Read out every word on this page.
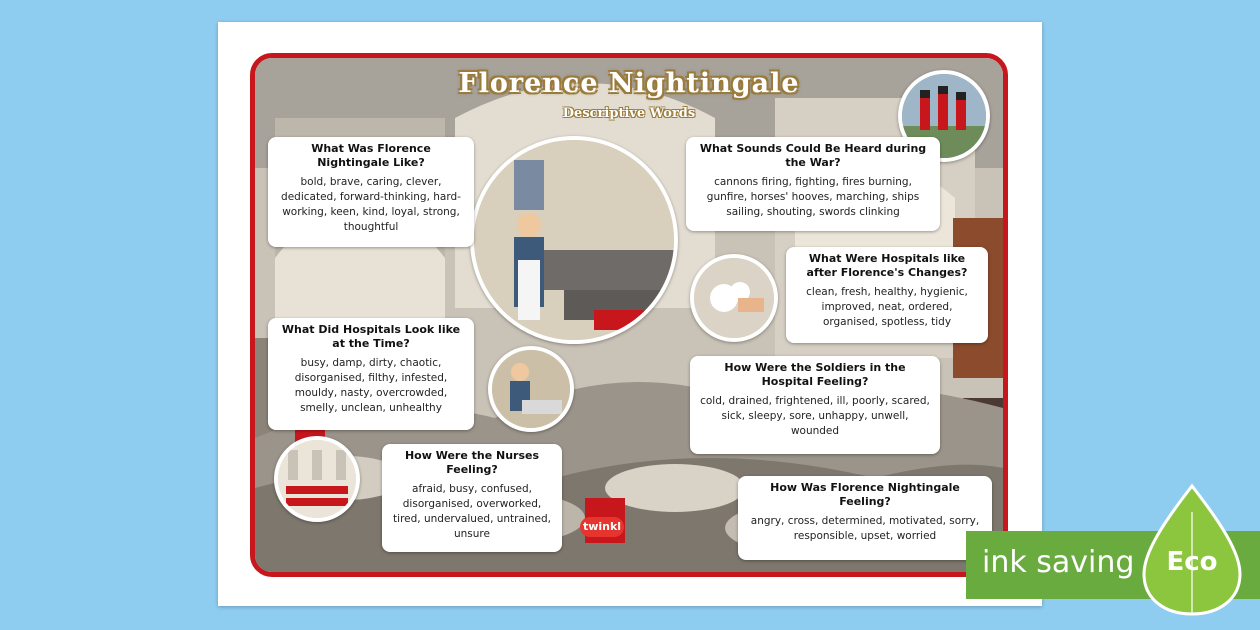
Florence Nightingale
Descriptive Words
What Was Florence Nightingale Like?

bold, brave, caring, clever, dedicated, forward-thinking, hard-working, keen, kind, loyal, strong, thoughtful

What Did Hospitals Look like at the Time?

busy, damp, dirty, chaotic, disorganised, filthy, infested, mouldy, nasty, overcrowded, smelly, unclean, unhealthy

How Were the Nurses Feeling?

afraid, busy, confused, disorganised, overworked, tired, undervalued, untrained, unsure

What Sounds Could Be Heard during the War?

cannons firing, fighting, fires burning, gunfire, horses' hooves, marching, ships sailing, shouting, swords clinking

What Were Hospitals like after Florence's Changes?

clean, fresh, healthy, hygienic, improved, neat, ordered, organised, spotless, tidy

How Were the Soldiers in the Hospital Feeling?

cold, drained, frightened, ill, poorly, scared, sick, sleepy, sore, unhappy, unwell, wounded

How Was Florence Nightingale Feeling?

angry, cross, determined, motivated, sorry, responsible, upset, worried

twinkl
ink saving Eco
